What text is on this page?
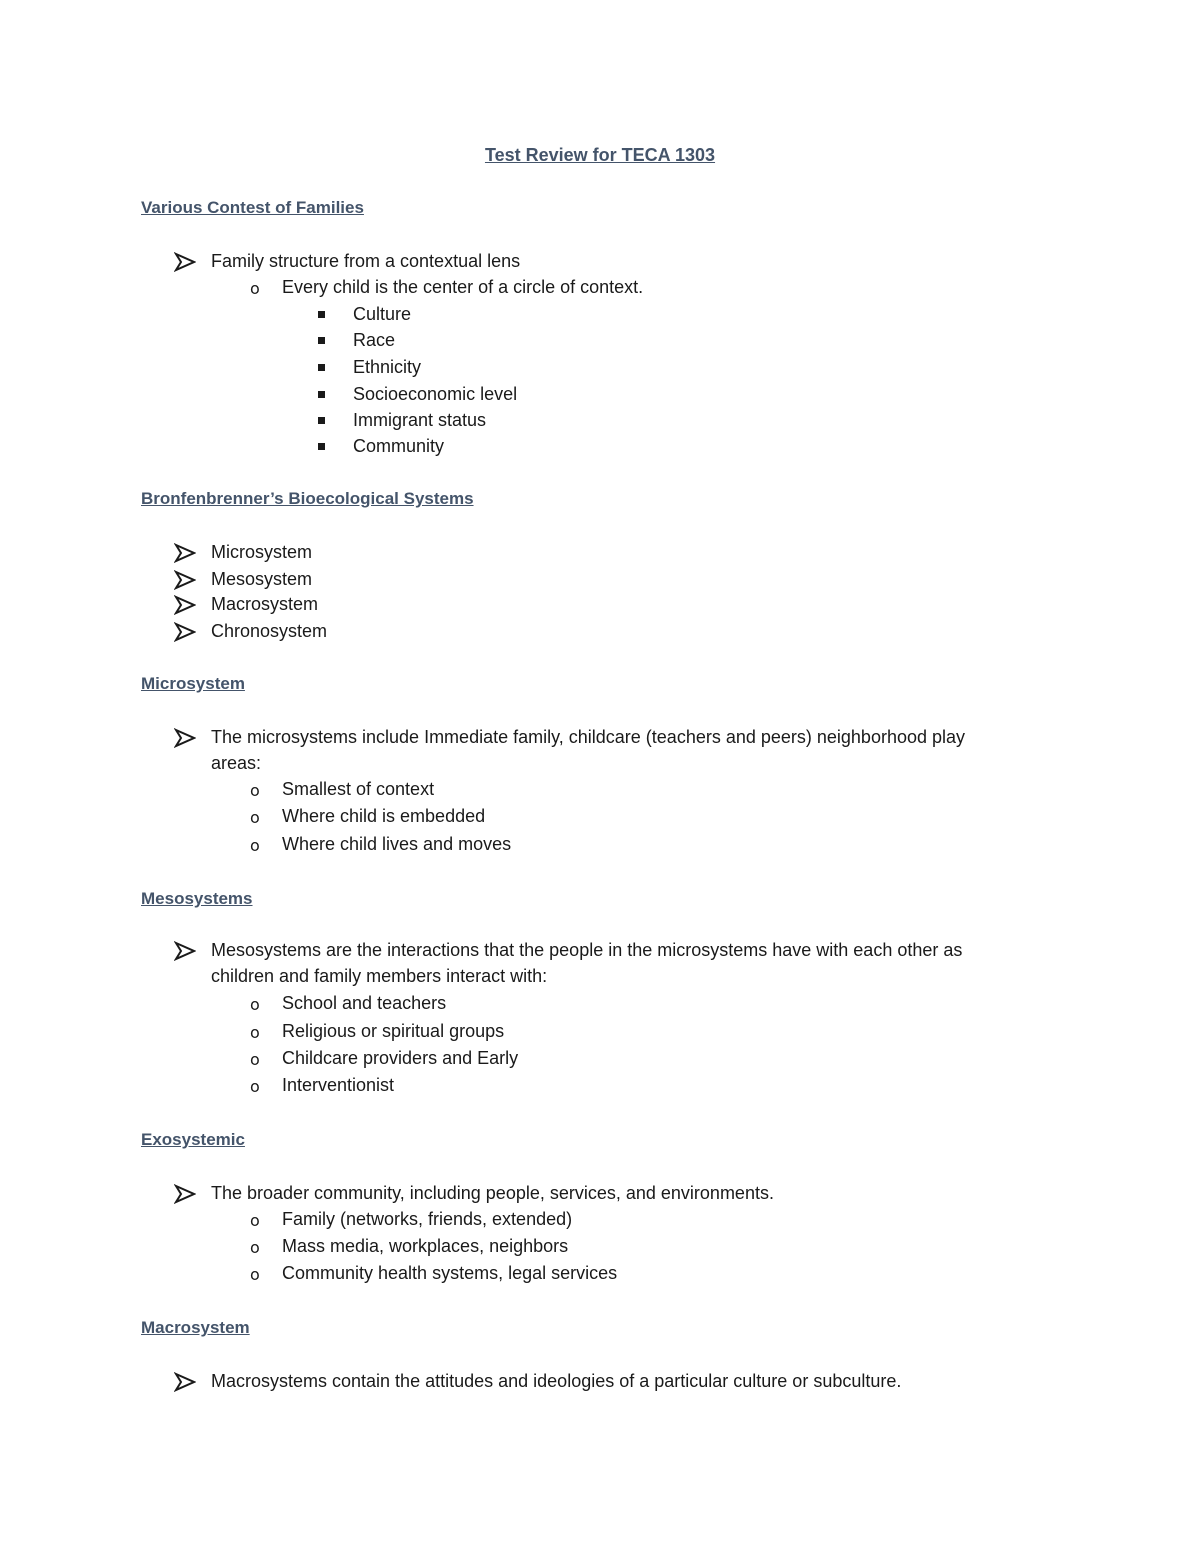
Test Review for TECA 1303
Various Contest of Families
Family structure from a contextual lens
o Every child is the center of a circle of context.
Culture
Race
Ethnicity
Socioeconomic level
Immigrant status
Community
Bronfenbrenner’s Bioecological Systems
Microsystem
Mesosystem
Macrosystem
Chronosystem
Microsystem
The microsystems include Immediate family, childcare (teachers and peers) neighborhood play
areas:
o Smallest of context
o Where child is embedded
o Where child lives and moves
Mesosystems
Mesosystems are the interactions that the people in the microsystems have with each other as
children and family members interact with:
o School and teachers
o Religious or spiritual groups
o Childcare providers and Early
o Interventionist
Exosystemic
The broader community, including people, services, and environments.
o Family (networks, friends, extended)
o Mass media, workplaces, neighbors
o Community health systems, legal services
Macrosystem
Macrosystems contain the attitudes and ideologies of a particular culture or subculture.
